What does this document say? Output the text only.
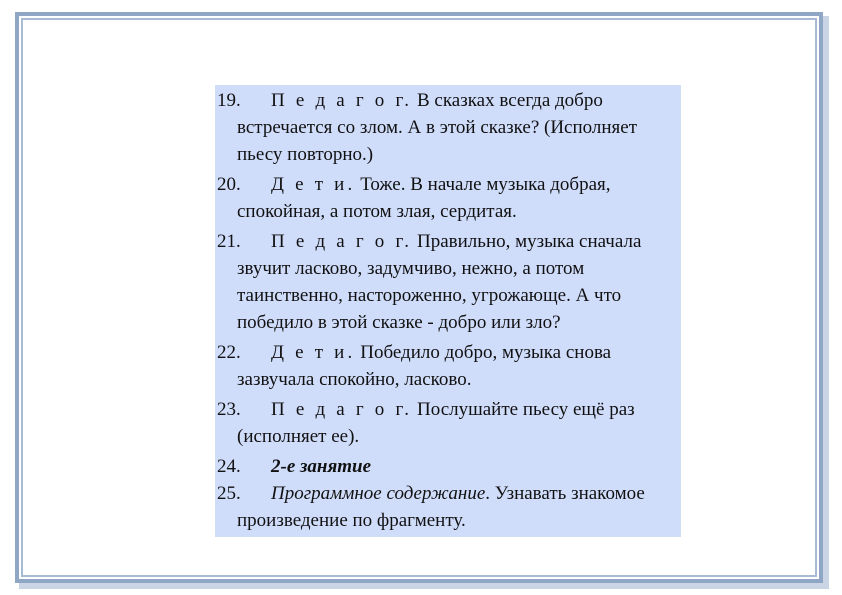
19. П е д а г о г. В сказках всегда добро встречается со злом. А в этой сказке? (Исполняет пьесу повторно.)
20. Д е т и. Тоже. В начале музыка добрая, спокойная, а потом злая, сердитая.
21. П е д а г о г. Правильно, музыка сначала звучит ласково, задумчиво, нежно, а потом таинственно, настороженно, угрожающе. А что победило в этой сказке - добро или зло?
22. Д е т и. Победило добро, музыка снова зазвучала спокойно, ласково.
23. П е д а г о г. Послушайте пьесу ещё раз (исполняет ее).
24. 2-е занятие
25. Программное содержание. Узнавать знакомое произведение по фрагменту.
